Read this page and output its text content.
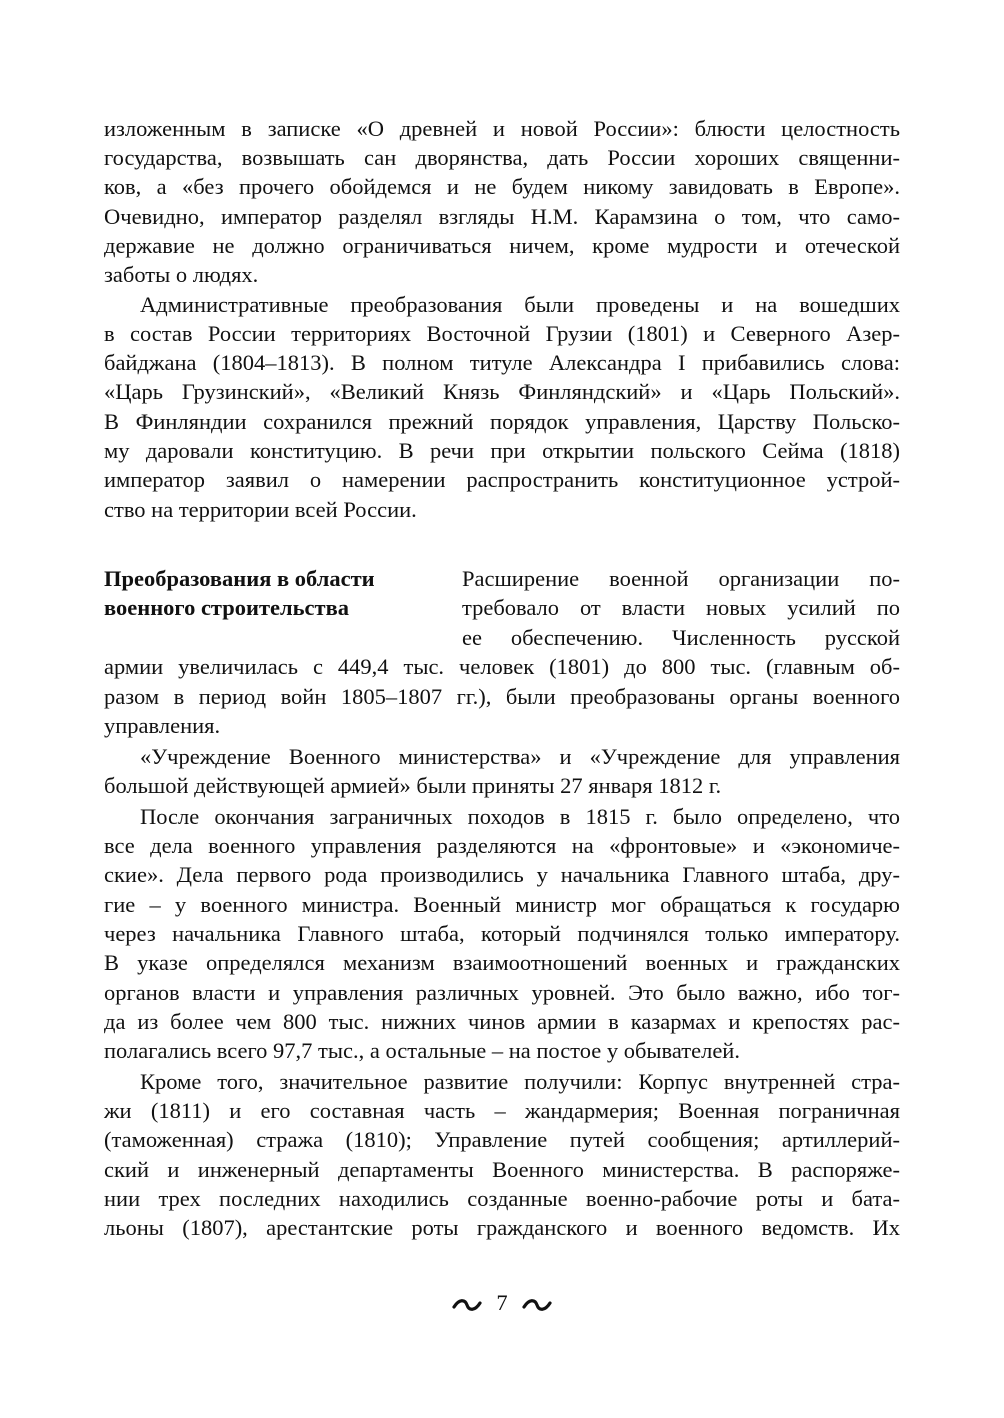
изложенным в записке «О древней и новой России»: блюсти целостность
государства, возвышать сан дворянства, дать России хороших священни-
ков, а «без прочего обойдемся и не будем никому завидовать в Европе».
Очевидно, император разделял взгляды Н.М. Карамзина о том, что само-
державие не должно ограничиваться ничем, кроме мудрости и отеческой
заботы о людях.
Административные преобразования были проведены и на вошедших
в состав России территориях Восточной Грузии (1801) и Северного Азер-
байджана (1804–1813). В полном титуле Александра I прибавились слова:
«Царь Грузинский», «Великий Князь Финляндский» и «Царь Польский».
В Финляндии сохранился прежний порядок управления, Царству Польско-
му даровали конституцию. В речи при открытии польского Сейма (1818)
император заявил о намерении распространить конституционное устрой-
ство на территории всей России.
Преобразования в области
военного строительства
Расширение военной организации по-
требовало от власти новых усилий по
ее обеспечению. Численность русской
армии увеличилась с 449,4 тыс. человек (1801) до 800 тыс. (главным об-
разом в период войн 1805–1807 гг.), были преобразованы органы военного
управления.
«Учреждение Военного министерства» и «Учреждение для управления
большой действующей армией» были приняты 27 января 1812 г.
После окончания заграничных походов в 1815 г. было определено, что
все дела военного управления разделяются на «фронтовые» и «экономиче-
ские». Дела первого рода производились у начальника Главного штаба, дру-
гие – у военного министра. Военный министр мог обращаться к государю
через начальника Главного штаба, который подчинялся только императору.
В указе определялся механизм взаимоотношений военных и гражданских
органов власти и управления различных уровней. Это было важно, ибо тог-
да из более чем 800 тыс. нижних чинов армии в казармах и крепостях рас-
полагались всего 97,7 тыс., а остальные – на постое у обывателей.
Кроме того, значительное развитие получили: Корпус внутренней стра-
жи (1811) и его составная часть – жандармерия; Военная пограничная
(таможенная) стража (1810); Управление путей сообщения; артиллерий-
ский и инженерный департаменты Военного министерства. В распоряже-
нии трех последних находились созданные военно-рабочие роты и бата-
льоны (1807), арестантские роты гражданского и военного ведомств. Их
7
